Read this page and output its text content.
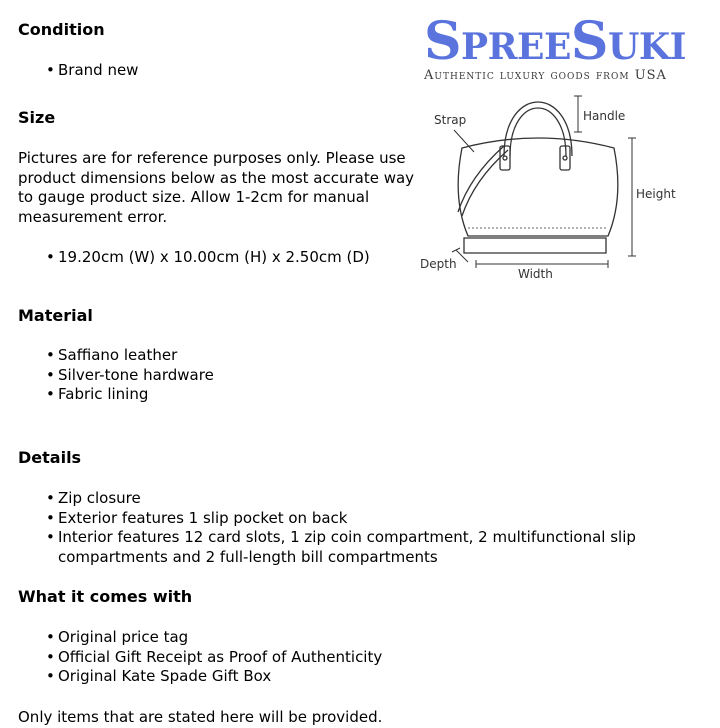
SpreeSuki
Authentic luxury goods from USA
Strap	Handle
Height
Depth
Width
Condition
• Brand new
Size

Pictures are for reference purposes only. Please use product dimensions below as the most accurate way to gauge product size. Allow 1-2cm for manual measurement error.

• 19.20cm (W) x 10.00cm (H) x 2.50cm (D)
Material
• Saffiano leather
• Silver-tone hardware
• Fabric lining
Details
• Zip closure
• Exterior features 1 slip pocket on back
• Interior features 12 card slots, 1 zip coin compartment, 2 multifunctional slip compartments and 2 full-length bill compartments
What it comes with
• Original price tag
• Official Gift Receipt as Proof of Authenticity
• Original Kate Spade Gift Box

Only items that are stated here will be provided.
